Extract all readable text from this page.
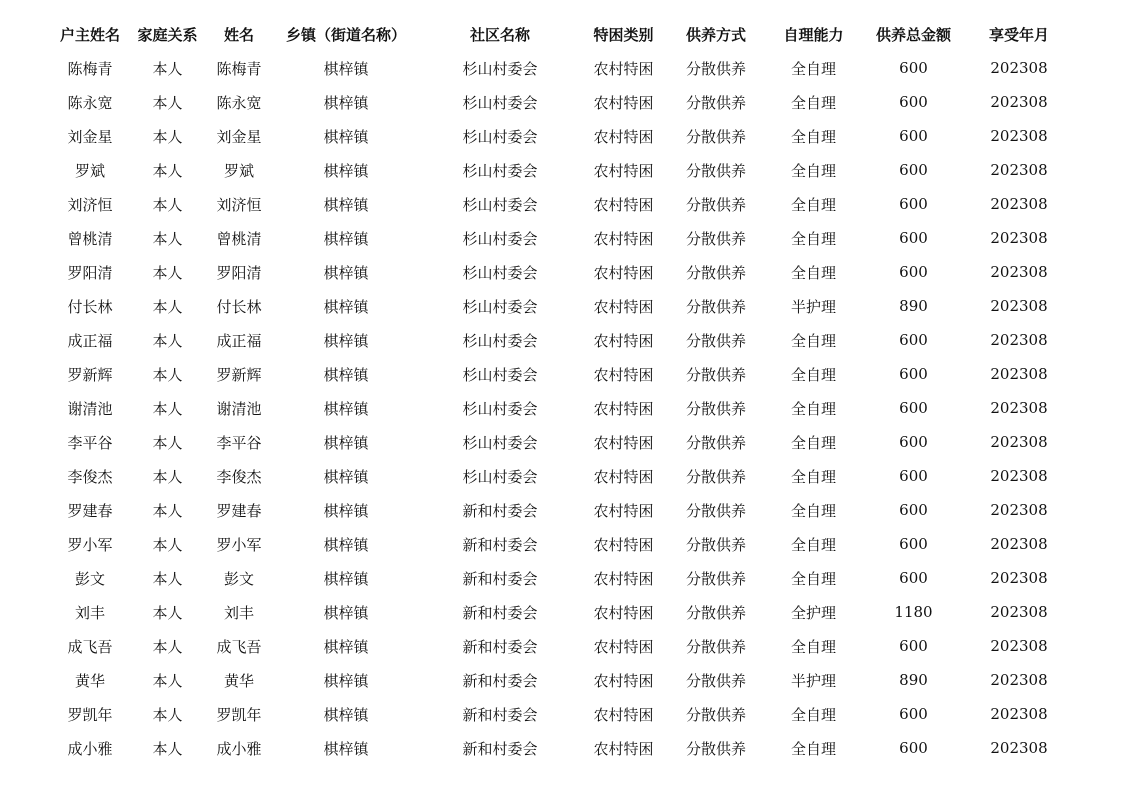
户主姓名	家庭关系	姓名	乡镇（街道名称）	社区名称	特困类别	供养方式	自理能力	供养总金额	享受年月
陈梅青	本人	陈梅青	棋梓镇	杉山村委会	农村特困	分散供养	全自理	600	202308
陈永宽	本人	陈永宽	棋梓镇	杉山村委会	农村特困	分散供养	全自理	600	202308
刘金星	本人	刘金星	棋梓镇	杉山村委会	农村特困	分散供养	全自理	600	202308
罗斌	本人	罗斌	棋梓镇	杉山村委会	农村特困	分散供养	全自理	600	202308
刘济恒	本人	刘济恒	棋梓镇	杉山村委会	农村特困	分散供养	全自理	600	202308
曾桃清	本人	曾桃清	棋梓镇	杉山村委会	农村特困	分散供养	全自理	600	202308
罗阳清	本人	罗阳清	棋梓镇	杉山村委会	农村特困	分散供养	全自理	600	202308
付长林	本人	付长林	棋梓镇	杉山村委会	农村特困	分散供养	半护理	890	202308
成正福	本人	成正福	棋梓镇	杉山村委会	农村特困	分散供养	全自理	600	202308
罗新辉	本人	罗新辉	棋梓镇	杉山村委会	农村特困	分散供养	全自理	600	202308
谢清池	本人	谢清池	棋梓镇	杉山村委会	农村特困	分散供养	全自理	600	202308
李平谷	本人	李平谷	棋梓镇	杉山村委会	农村特困	分散供养	全自理	600	202308
李俊杰	本人	李俊杰	棋梓镇	杉山村委会	农村特困	分散供养	全自理	600	202308
罗建春	本人	罗建春	棋梓镇	新和村委会	农村特困	分散供养	全自理	600	202308
罗小军	本人	罗小军	棋梓镇	新和村委会	农村特困	分散供养	全自理	600	202308
彭文	本人	彭文	棋梓镇	新和村委会	农村特困	分散供养	全自理	600	202308
刘丰	本人	刘丰	棋梓镇	新和村委会	农村特困	分散供养	全护理	1180	202308
成飞吾	本人	成飞吾	棋梓镇	新和村委会	农村特困	分散供养	全自理	600	202308
黄华	本人	黄华	棋梓镇	新和村委会	农村特困	分散供养	半护理	890	202308
罗凯年	本人	罗凯年	棋梓镇	新和村委会	农村特困	分散供养	全自理	600	202308
成小雅	本人	成小雅	棋梓镇	新和村委会	农村特困	分散供养	全自理	600	202308
